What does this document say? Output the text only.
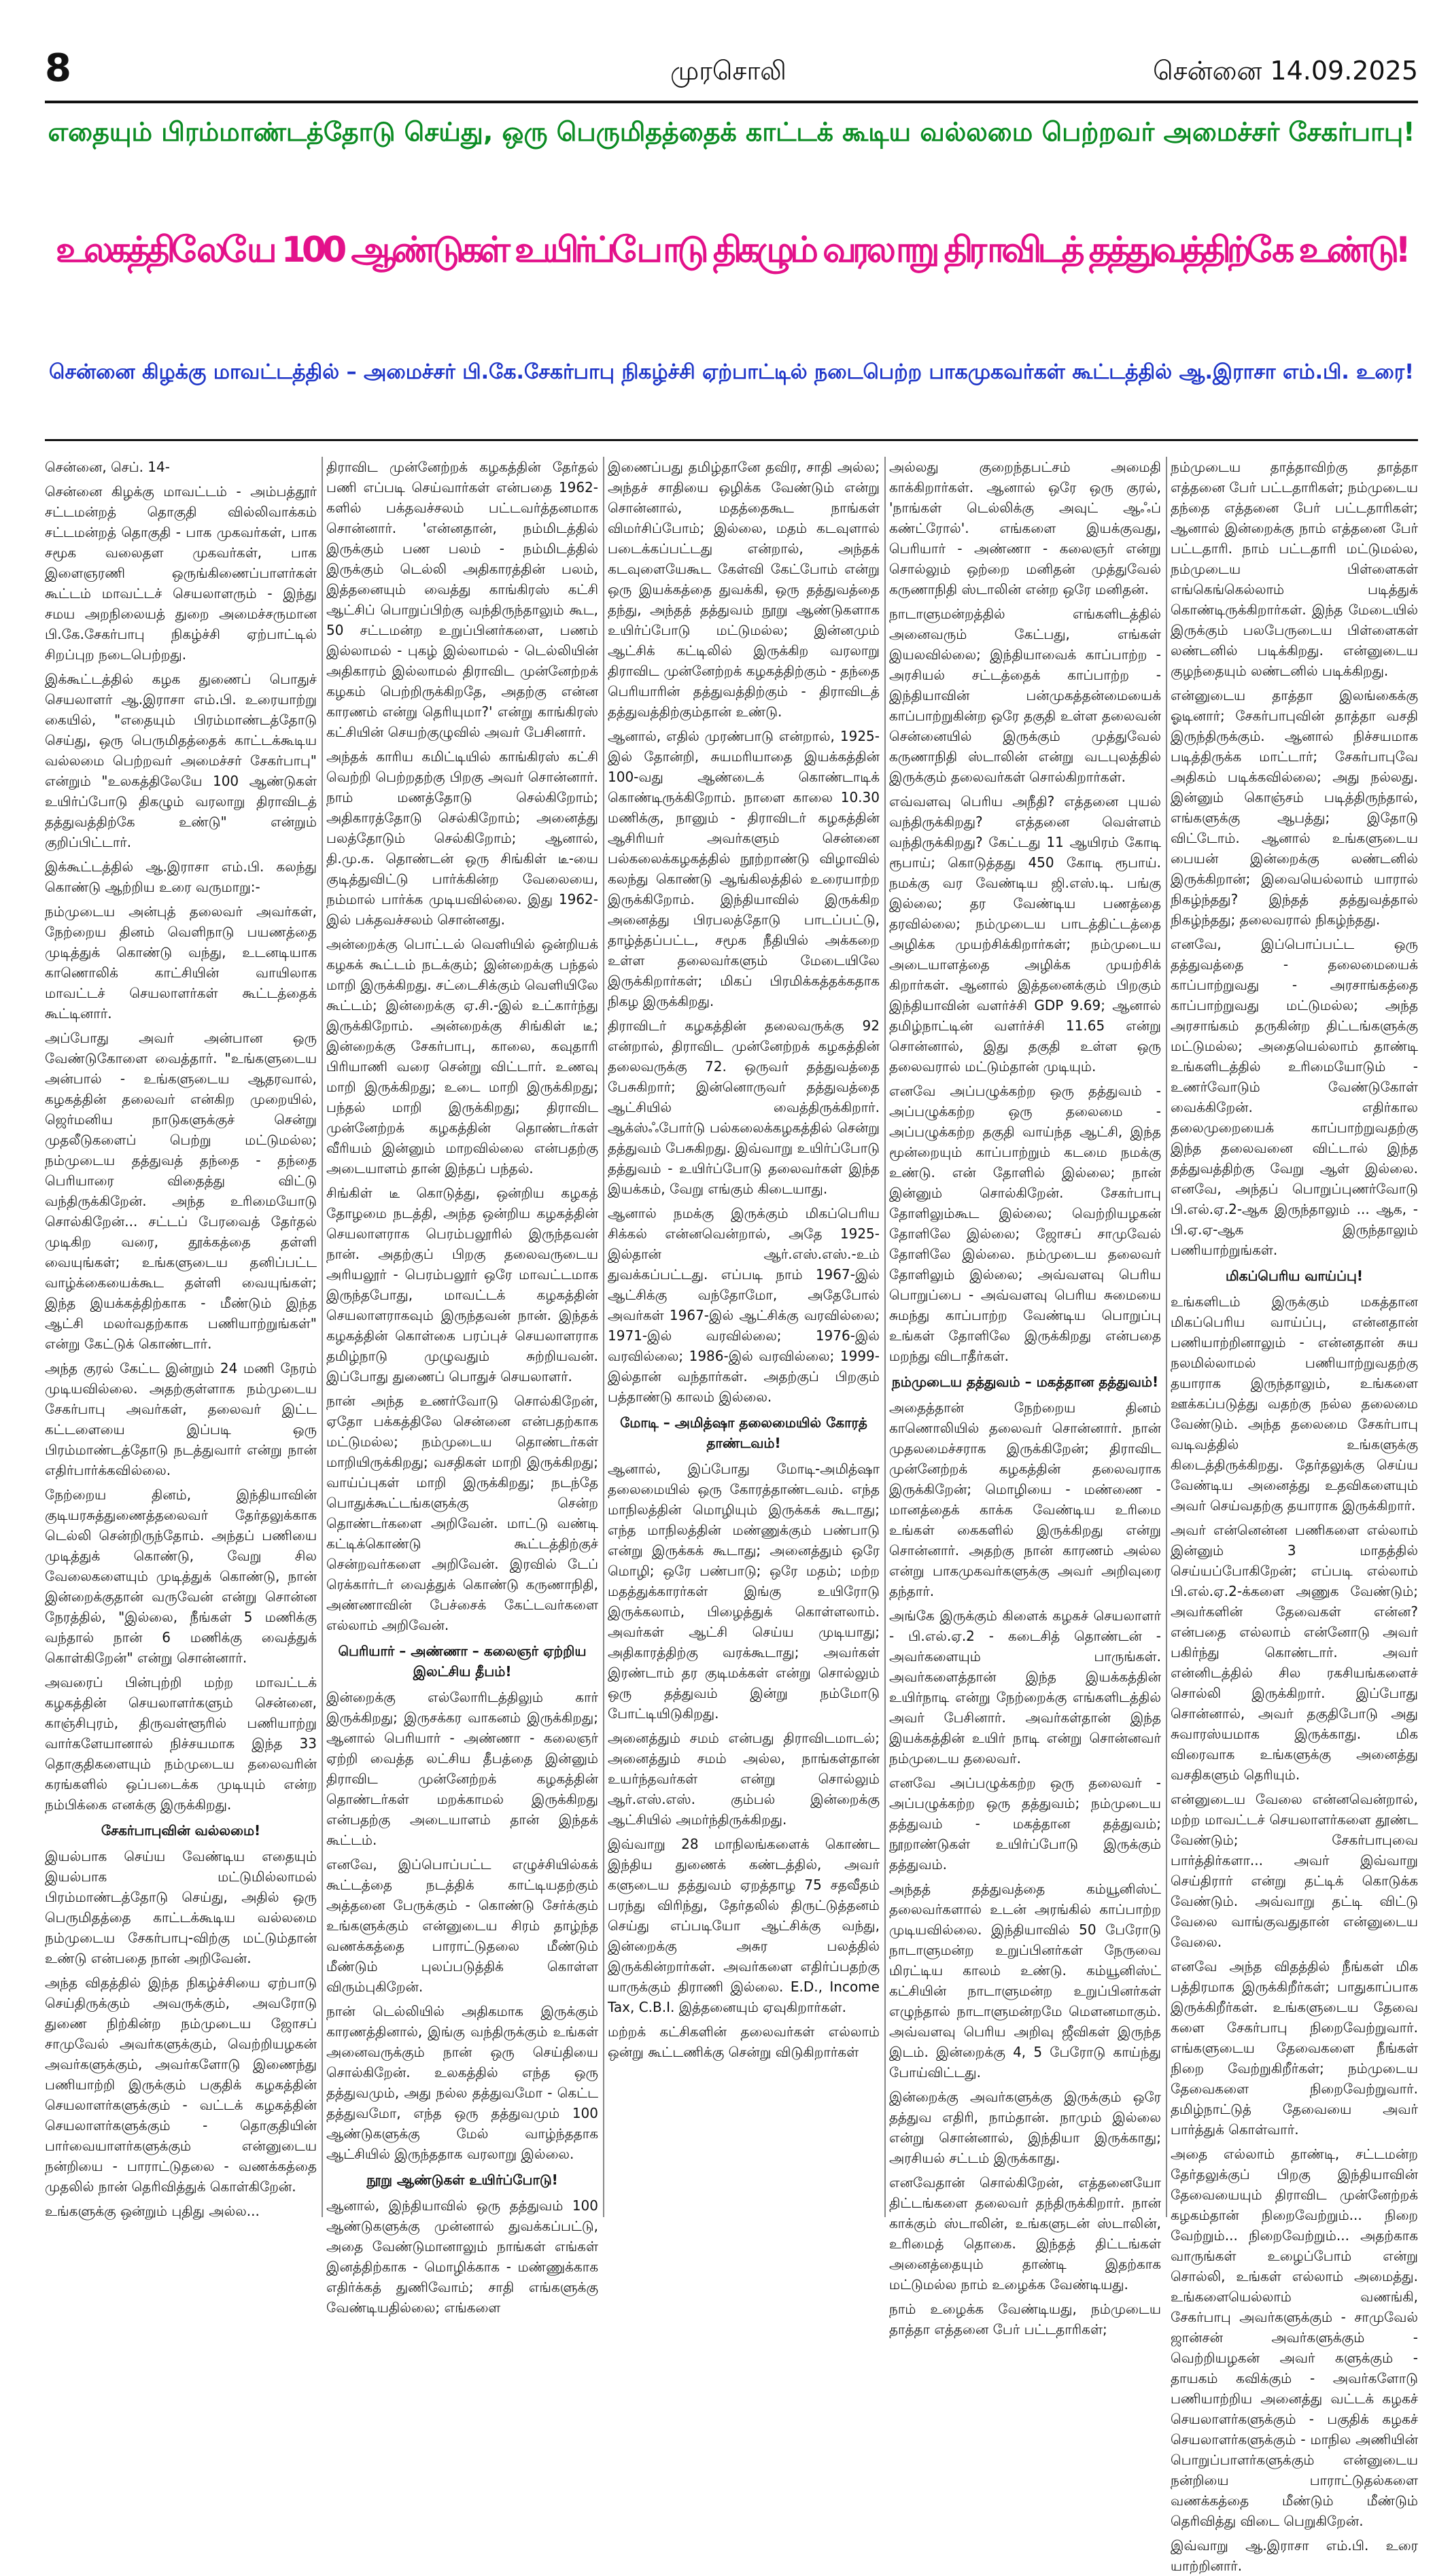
8	முரசொலி	சென்னை 14.09.2025
எதையும் பிரம்மாண்டத்தோடு செய்து, ஒரு பெருமிதத்தைக் காட்டக் கூடிய வல்லமை பெற்றவர் அமைச்சர் சேகர்பாபு!
உலகத்திலேயே 100 ஆண்டுகள் உயிர்ப்போடு திகழும் வரலாறு திராவிடத் தத்துவத்திற்கே உண்டு!
சென்னை கிழக்கு மாவட்டத்தில் – அமைச்சர் பி.கே.சேகர்பாபு நிகழ்ச்சி ஏற்பாட்டில் நடைபெற்ற பாகமுகவர்கள் கூட்டத்தில் ஆ.இராசா எம்.பி. உரை!

சென்னை, செப். 14-

சென்னை கிழக்கு மாவட்டம் - அம்பத்தூர் சட்டமன்றத் தொகுதி வில்லிவாக்கம் சட்டமன்றத் தொகுதி - பாக முகவர்கள், பாக சமூக வலைதள முகவர்கள், பாக இளைஞரணி ஒருங்கிணைப்பாளர்கள் கூட்டம் மாவட்டச் செயலாளரும் - இந்து சமய அறநிலையத் துறை அமைச்சருமான பி.கே.சேகர்பாபு நிகழ்ச்சி ஏற்பாட்டில் சிறப்புற நடைபெற்றது.

இக்கூட்டத்தில் கழக துணைப் பொதுச் செயலாளர் ஆ.இராசா எம்.பி. உரையாற்று கையில், "எதையும் பிரம்மாண்டத்தோடு செய்து, ஒரு பெருமிதத்தைக் காட்டக்கூடிய வல்லமை பெற்றவர் அமைச்சர் சேகர்பாபு" என்றும் "உலகத்திலேயே 100 ஆண்டுகள் உயிர்ப்போடு திகழும் வரலாறு திராவிடத் தத்துவத்திற்கே உண்டு" என்றும் குறிப்பிட்டார்.

இக்கூட்டத்தில் ஆ.இராசா எம்.பி. கலந்து கொண்டு ஆற்றிய உரை வருமாறு:-

நம்முடைய அன்புத் தலைவர் அவர்கள், நேற்றைய தினம் வெளிநாடு பயணத்தை முடித்துக் கொண்டு வந்து, உடனடியாக காணொலிக் காட்சியின் வாயிலாக மாவட்டச் செயலாளர்கள் கூட்டத்தைக் கூட்டினார்.

அப்போது அவர் அன்பான ஒரு வேண்டுகோளை வைத்தார். "உங்களுடைய அன்பால் - உங்களுடைய ஆதரவால், கழகத்தின் தலைவர் என்கிற முறையில், ஜெர்மனிய நாடுகளுக்குச் சென்று முதலீடுகளைப் பெற்று மட்டுமல்ல; நம்முடைய தத்துவத் தந்தை - தந்தை பெரியாரை விதைத்து விட்டு வந்திருக்கிறேன். அந்த உரிமையோடு சொல்கிறேன்... சட்டப் பேரவைத் தேர்தல் முடிகிற வரை, தூக்கத்தை தள்ளி வையுங்கள்; உங்களுடைய தனிப்பட்ட வாழ்க்கையைக்கூட தள்ளி வையுங்கள்; இந்த இயக்கத்திற்காக - மீண்டும் இந்த ஆட்சி மலர்வதற்காக பணியாற்றுங்கள்" என்று கேட்டுக் கொண்டார்.

அந்த குரல் கேட்ட இன்றும் 24 மணி நேரம் முடியவில்லை. அதற்குள்ளாக நம்முடைய சேகர்பாபு அவர்கள், தலைவர் இட்ட கட்டளையை இப்படி ஒரு பிரம்மாண்டத்தோடு நடத்துவார் என்று நான் எதிர்பார்க்கவில்லை.

நேற்றைய தினம், இந்தியாவின் குடியரசுத்துணைத்தலைவர் தேர்தலுக்காக டெல்லி சென்றிருந்தோம். அந்தப் பணியை முடித்துக் கொண்டு, வேறு சில வேலைகளையும் முடித்துக் கொண்டு, நான் இன்றைக்குதான் வருவேன் என்று சொன்ன நேரத்தில், "இல்லை, நீங்கள் 5 மணிக்கு வந்தால் நான் 6 மணிக்கு வைத்துக் கொள்கிறேன்" என்று சொன்னார்.

அவரைப் பின்புற்றி மற்ற மாவட்டக் கழகத்தின் செயலாளர்களும் சென்னை, காஞ்சிபுரம், திருவள்ளூரில் பணியாற்று வார்களேயானால் நிச்சயமாக இந்த 33 தொகுதிகளையும் நம்முடைய தலைவரின் கரங்களில் ஒப்படைக்க முடியும் என்ற நம்பிக்கை எனக்கு இருக்கிறது.

சேகர்பாபுவின் வல்லமை!

இயல்பாக செய்ய வேண்டிய எதையும் இயல்பாக மட்டுமில்லாமல் பிரம்மாண்டத்தோடு செய்து, அதில் ஒரு பெருமிதத்தை காட்டக்கூடிய வல்லமை நம்முடைய சேகர்பாபு-விற்கு மட்டும்தான் உண்டு என்பதை நான் அறிவேன்.

அந்த விதத்தில் இந்த நிகழ்ச்சியை ஏற்பாடு செய்திருக்கும் அவருக்கும், அவரோடு துணை நிற்கின்ற நம்முடைய ஜோசப் சாமுவேல் அவர்களுக்கும், வெற்றியழகன் அவர்களுக்கும், அவர்களோடு இணைந்து பணியாற்றி இருக்கும் பகுதிக் கழகத்தின் செயலாளர்களுக்கும் - வட்டக் கழகத்தின் செயலாளர்களுக்கும் - தொகுதியின் பார்வையாளர்களுக்கும் என்னுடைய நன்றியை - பாராட்டுதலை - வணக்கத்தை முதலில் நான் தெரிவித்துக் கொள்கிறேன்.

உங்களுக்கு ஒன்றும் புதிது அல்ல...

திராவிட முன்னேற்றக் கழகத்தின் தேர்தல் பணி எப்படி செய்வார்கள் என்பதை 1962-களில் பக்தவச்சலம் பட்டவர்த்தனமாக சொன்னார். 'என்னதான், நம்மிடத்தில் இருக்கும் பண பலம் - நம்மிடத்தில் இருக்கும் டெல்லி அதிகாரத்தின் பலம், இத்தனையும் வைத்து காங்கிரஸ் கட்சி ஆட்சிப் பொறுப்பிற்கு வந்திருந்தாலும் கூட, 50 சட்டமன்ற உறுப்பினர்களை, பணம் இல்லாமல் - புகழ் இல்லாமல் - டெல்லியின் அதிகாரம் இல்லாமல் திராவிட முன்னேற்றக் கழகம் பெற்றிருக்கிறதே, அதற்கு என்ன காரணம் என்று தெரியுமா?' என்று காங்கிரஸ் கட்சியின் செயற்குழுவில் அவர் பேசினார்.

அந்தக் காரிய கமிட்டியில் காங்கிரஸ் கட்சி வெற்றி பெற்றதற்கு பிறகு அவர் சொன்னார். நாம் மணத்தோடு செல்கிறோம்; அதிகாரத்தோடு செல்கிறோம்; அனைத்து பலத்தோடும் செல்கிறோம்; ஆனால், தி.மு.க. தொண்டன் ஒரு சிங்கிள் டீ-யை குடித்துவிட்டு பார்க்கின்ற வேலையை, நம்மால் பார்க்க முடியவில்லை. இது 1962-இல் பக்தவச்சலம் சொன்னது.

அன்றைக்கு பொட்டல் வெளியில் ஒன்றியக் கழகக் கூட்டம் நடக்கும்; இன்றைக்கு பந்தல் மாறி இருக்கிறது. சட்டைசிக்கும் வெளியிலே கூட்டம்; இன்றைக்கு ஏ.சி.-இல் உட்கார்ந்து இருக்கிறோம். அன்றைக்கு சிங்கிள் டீ; இன்றைக்கு சேகர்பாபு, காலை, கவுதாரி பிரியாணி வரை சென்று விட்டார். உணவு மாறி இருக்கிறது; உடை மாறி இருக்கிறது; பந்தல் மாறி இருக்கிறது; திராவிட முன்னேற்றக் கழகத்தின் தொண்டர்கள் வீரியம் இன்னும் மாறவில்லை என்பதற்கு அடையாளம் தான் இந்தப் பந்தல்.

சிங்கிள் டீ கொடுத்து, ஒன்றிய கழகத் தோழமை நடத்தி, அந்த ஒன்றிய கழகத்தின் செயலாளராக பெரம்பலூரில் இருந்தவன் நான். அதற்குப் பிறகு தலைவருடைய அரியலூர் - பெரம்பலூர் ஒரே மாவட்டமாக இருந்தபோது, மாவட்டக் கழகத்தின் செயலாளராகவும் இருந்தவன் நான். இந்தக் கழகத்தின் கொள்கை பரப்புச் செயலாளராக தமிழ்நாடு முழுவதும் சுற்றியவன். இப்போது துணைப் பொதுச் செயலாளர்.

நான் அந்த உணர்வோடு சொல்கிறேன், ஏதோ பக்கத்திலே சென்னை என்பதற்காக மட்டுமல்ல; நம்முடைய தொண்டர்கள் மாறியிருக்கிறது; வசதிகள் மாறி இருக்கிறது; வாய்ப்புகள் மாறி இருக்கிறது; நடந்தே பொதுக்கூட்டங்களுக்கு சென்ற தொண்டர்களை அறிவேன். மாட்டு வண்டி கட்டிக்கொண்டு கூட்டத்திற்குச் சென்றவர்களை அறிவேன். இரவில் டேப் ரெக்கார்டர் வைத்துக் கொண்டு கருணாநிதி, அண்ணாவின் பேச்சைக் கேட்டவர்களை எல்லாம் அறிவேன்.

பெரியார் – அண்ணா – கலைஞர் ஏற்றிய இலட்சிய தீபம்!

இன்றைக்கு எல்லோரிடத்திலும் கார் இருக்கிறது; இருசக்கர வாகனம் இருக்கிறது; ஆனால் பெரியார் - அண்ணா - கலைஞர் ஏற்றி வைத்த லட்சிய தீபத்தை இன்னும் திராவிட முன்னேற்றக் கழகத்தின் தொண்டர்கள் மறக்காமல் இருக்கிறது என்பதற்கு அடையாளம் தான் இந்தக் கூட்டம்.

எனவே, இப்பொப்பட்ட எழுச்சியில்கக் கூட்டத்தை நடத்திக் காட்டியதற்கும் அத்தனை பேருக்கும் - கொண்டு சேர்க்கும் உங்களுக்கும் என்னுடைய சிரம் தாழ்ந்த வணக்கத்தை பாராட்டுதலை மீண்டும் மீண்டும் புலப்படுத்திக் கொள்ள விரும்புகிறேன்.

நான் டெல்லியில் அதிகமாக இருக்கும் காரணத்தினால், இங்கு வந்திருக்கும் உங்கள் அனைவருக்கும் நான் ஒரு செய்தியை சொல்கிறேன். உலகத்தில் எந்த ஒரு தத்துவமும், அது நல்ல தத்துவமோ - கெட்ட தத்துவமோ, எந்த ஒரு தத்துவமும் 100 ஆண்டுகளுக்கு மேல் வாழ்ந்ததாக ஆட்சியில் இருந்ததாக வரலாறு இல்லை.

நூறு ஆண்டுகள் உயிர்ப்போடு!

ஆனால், இந்தியாவில் ஒரு தத்துவம் 100 ஆண்டுகளுக்கு முன்னால் துவக்கப்பட்டு, அதை வேண்டுமானாலும் நாங்கள் எங்கள் இனத்திற்காக - மொழிக்காக - மண்ணுக்காக எதிர்க்கத் துணிவோம்; சாதி எங்களுக்கு வேண்டியதில்லை; எங்களை

இணைப்பது தமிழ்தானே தவிர, சாதி அல்ல; அந்தச் சாதியை ஒழிக்க வேண்டும் என்று சொன்னால், மதத்தைகூட நாங்கள் விமர்சிப்போம்; இல்லை, மதம் கடவுளால் படைக்கப்பட்டது என்றால், அந்தக் கடவுளையேகூட கேள்வி கேட்போம் என்று ஒரு இயக்கத்தை துவக்கி, ஒரு தத்துவத்தை தந்து, அந்தத் தத்துவம் நூறு ஆண்டுகளாக உயிர்ப்போடு மட்டுமல்ல; இன்னமும் ஆட்சிக் கட்டிலில் இருக்கிற வரலாறு திராவிட முன்னேற்றக் கழகத்திற்கும் - தந்தை பெரியாரின் தத்துவத்திற்கும் - திராவிடத் தத்துவத்திற்கும்தான் உண்டு.

ஆனால், எதில் முரண்பாடு என்றால், 1925-இல் தோன்றி, சுயமரியாதை இயக்கத்தின் 100-வது ஆண்டைக் கொண்டாடிக் கொண்டிருக்கிறோம். நாளை காலை 10.30 மணிக்கு, நானும் - திராவிடர் கழகத்தின் ஆசிரியர் அவர்களும் சென்னை பல்கலைக்கழகத்தில் நூற்றாண்டு விழாவில் கலந்து கொண்டு ஆங்கிலத்தில் உரையாற்ற இருக்கிறோம். இந்தியாவில் இருக்கிற அனைத்து பிரபலத்தோடு பாடப்பட்டு, தாழ்த்தப்பட்ட, சமூக நீதியில் அக்கறை உள்ள தலைவர்களும் மேடையிலே இருக்கிறார்கள்; மிகப் பிரமிக்கத்தக்கதாக நிகழ இருக்கிறது.

திராவிடர் கழகத்தின் தலைவருக்கு 92 என்றால், திராவிட முன்னேற்றக் கழகத்தின் தலைவருக்கு 72. ஒருவர் தத்துவத்தை பேசுகிறார்; இன்னொருவர் தத்துவத்தை ஆட்சியில் வைத்திருக்கிறார். ஆக்ஸ்ஃபோர்டு பல்கலைக்கழகத்தில் சென்று தத்துவம் பேசுகிறது. இவ்வாறு உயிர்ப்போடு தத்துவம் - உயிர்ப்போடு தலைவர்கள் இந்த இயக்கம், வேறு எங்கும் கிடையாது.

ஆனால் நமக்கு இருக்கும் மிகப்பெரிய சிக்கல் என்னவென்றால், அதே 1925-இல்தான் ஆர்.எஸ்.எஸ்.-உம் துவக்கப்பட்டது. எப்படி நாம் 1967-இல் ஆட்சிக்கு வந்தோமோ, அதேபோல் அவர்கள் 1967-இல் ஆட்சிக்கு வரவில்லை; 1971-இல் வரவில்லை; 1976-இல் வரவில்லை; 1986-இல் வரவில்லை; 1999-இல்தான் வந்தார்கள். அதற்குப் பிறகும் பத்தாண்டு காலம் இல்லை.

மோடி – அமித்ஷா தலைமையில் கோரத் தாண்டவம்!

ஆனால், இப்போது மோடி-அமித்ஷா தலைமையில் ஒரு கோரத்தாண்டவம். எந்த மாநிலத்தின் மொழியும் இருக்கக் கூடாது; எந்த மாநிலத்தின் மண்ணுக்கும் பண்பாடு என்று இருக்கக் கூடாது; அனைத்தும் ஒரே மொழி; ஒரே பண்பாடு; ஒரே மதம்; மற்ற மதத்துக்காரர்கள் இங்கு உயிரோடு இருக்கலாம், பிழைத்துக் கொள்ளலாம். அவர்கள் ஆட்சி செய்ய முடியாது; அதிகாரத்திற்கு வரக்கூடாது; அவர்கள் இரண்டாம் தர குடிமக்கள் என்று சொல்லும் ஒரு தத்துவம் இன்று நம்மோடு போட்டியிடுகிறது.

அனைத்தும் சமம் என்பது திராவிடமாடல்; அனைத்தும் சமம் அல்ல, நாங்கள்தான் உயர்ந்தவர்கள் என்று சொல்லும் ஆர்.எஸ்.எஸ். கும்பல் இன்றைக்கு ஆட்சியில் அமர்ந்திருக்கிறது.

இவ்வாறு 28 மாநிலங்களைக் கொண்ட இந்திய துணைக் கண்டத்தில், அவர் களுடைய தத்துவம் ஏறத்தாழ 75 சதவீதம் பரந்து விரிந்து, தேர்தலில் திருட்டுத்தனம் செய்து எப்படியோ ஆட்சிக்கு வந்து, இன்றைக்கு அசுர பலத்தில் இருக்கின்றார்கள். அவர்களை எதிர்ப்பதற்கு யாருக்கும் திராணி இல்லை. E.D., Income Tax, C.B.I. இத்தனையும் ஏவுகிறார்கள்.

மற்றக் கட்சிகளின் தலைவர்கள் எல்லாம் ஒன்று கூட்டணிக்கு சென்று விடுகிறார்கள்

அல்லது குறைந்தபட்சம் அமைதி காக்கிறார்கள். ஆனால் ஒரே ஒரு குரல், 'நாங்கள் டெல்லிக்கு அவுட் ஆஃப் கண்ட்ரோல்'. எங்களை இயக்குவது, பெரியார் - அண்ணா - கலைஞர் என்று சொல்லும் ஒற்றை மனிதன் முத்துவேல் கருணாநிதி ஸ்டாலின் என்ற ஒரே மனிதன்.

நாடாளுமன்றத்தில் எங்களிடத்தில் அனைவரும் கேட்பது, எங்கள் இயலவில்லை; இந்தியாவைக் காப்பாற்ற - அரசியல் சட்டத்தைக் காப்பாற்ற - இந்தியாவின் பன்முகத்தன்மையைக் காப்பாற்றுகின்ற ஒரே தகுதி உள்ள தலைவன் சென்னையில் இருக்கும் முத்துவேல் கருணாநிதி ஸ்டாலின் என்று வடபுலத்தில் இருக்கும் தலைவர்கள் சொல்கிறார்கள்.

எவ்வளவு பெரிய அநீதி? எத்தனை புயல் வந்திருக்கிறது? எத்தனை வெள்ளம் வந்திருக்கிறது? கேட்டது 11 ஆயிரம் கோடி ரூபாய்; கொடுத்தது 450 கோடி ரூபாய். நமக்கு வர வேண்டிய ஜி.எஸ்.டி. பங்கு இல்லை; தர வேண்டிய பணத்தை தரவில்லை; நம்முடைய பாடத்திட்டத்தை அழிக்க முயற்சிக்கிறார்கள்; நம்முடைய அடையாளத்தை அழிக்க முயற்சிக் கிறார்கள். ஆனால் இத்தனைக்கும் பிறகும் இந்தியாவின் வளர்ச்சி GDP 9.69; ஆனால் தமிழ்நாட்டின் வளர்ச்சி 11.65 என்று சொன்னால், இது தகுதி உள்ள ஒரு தலைவரால் மட்டும்தான் முடியும்.

எனவே அப்பழுக்கற்ற ஒரு தத்துவம் - அப்பழுக்கற்ற ஒரு தலைமை - அப்பழுக்கற்ற தகுதி வாய்ந்த ஆட்சி, இந்த மூன்றையும் காப்பாற்றும் கடமை நமக்கு உண்டு. என் தோளில் இல்லை; நான் இன்னும் சொல்கிறேன். சேகர்பாபு தோளிலும்கூட இல்லை; வெற்றியழகன் தோளிலே இல்லை; ஜோசப் சாமுவேல் தோளிலே இல்லை. நம்முடைய தலைவர் தோளிலும் இல்லை; அவ்வளவு பெரிய பொறுப்பை - அவ்வளவு பெரிய சுமையை சுமந்து காப்பாற்ற வேண்டிய பொறுப்பு உங்கள் தோளிலே இருக்கிறது என்பதை மறந்து விடாதீர்கள்.

நம்முடைய தத்துவம் – மகத்தான தத்துவம்!

அதைத்தான் நேற்றைய தினம் காணொலியில் தலைவர் சொன்னார். நான் முதலமைச்சராக இருக்கிறேன்; திராவிட முன்னேற்றக் கழகத்தின் தலைவராக இருக்கிறேன்; மொழியை - மண்ணை - மானத்தைக் காக்க வேண்டிய உரிமை உங்கள் கைகளில் இருக்கிறது என்று சொன்னார். அதற்கு நான் காரணம் அல்ல என்று பாகமுகவர்களுக்கு அவர் அறிவுரை தந்தார்.

அங்கே இருக்கும் கிளைக் கழகச் செயலாளர் - பி.எல்.ஏ.2 - கடைசித் தொண்டன் - அவர்களையும் பாருங்கள். அவர்களைத்தான் இந்த இயக்கத்தின் உயிர்நாடி என்று நேற்றைக்கு எங்களிடத்தில் அவர் பேசினார். அவர்கள்தான் இந்த இயக்கத்தின் உயிர் நாடி என்று சொன்னவர் நம்முடைய தலைவர்.

எனவே அப்பழுக்கற்ற ஒரு தலைவர் - அப்பழுக்கற்ற ஒரு தத்துவம்; நம்முடைய தத்துவம் - மகத்தான தத்துவம்; நூறாண்டுகள் உயிர்ப்போடு இருக்கும் தத்துவம்.

அந்தத் தத்துவத்தை கம்யூனிஸ்ட் தலைவர்களால் உடன் அரங்கில் காப்பாற்ற முடியவில்லை. இந்தியாவில் 50 பேரோடு நாடாளுமன்ற உறுப்பினர்கள் நேருவை மிரட்டிய காலம் உண்டு. கம்யூனிஸ்ட் கட்சியின் நாடாளுமன்ற உறுப்பினர்கள் எழுந்தால் நாடாளுமன்றமே மௌனமாகும். அவ்வளவு பெரிய அறிவு ஜீவிகள் இருந்த இடம். இன்றைக்கு 4, 5 பேரோடு காய்ந்து போய்விட்டது.

இன்றைக்கு அவர்களுக்கு இருக்கும் ஒரே தத்துவ எதிரி, நாம்தான். நாமும் இல்லை என்று சொன்னால், இந்தியா இருக்காது; அரசியல் சட்டம் இருக்காது.

எனவேதான் சொல்கிறேன், எத்தனையோ திட்டங்களை தலைவர் தந்திருக்கிறார். நான் காக்கும் ஸ்டாலின், உங்களுடன் ஸ்டாலின், உரிமைத் தொகை. இந்தத் திட்டங்கள் அனைத்தையும் தாண்டி இதற்காக மட்டுமல்ல நாம் உழைக்க வேண்டியது.

நாம் உழைக்க வேண்டியது, நம்முடைய தாத்தா எத்தனை பேர் பட்டதாரிகள்;

நம்முடைய தாத்தாவிற்கு தாத்தா எத்தனை பேர் பட்டதாரிகள்; நம்முடைய தந்தை எத்தனை பேர் பட்டதாரிகள்; ஆனால் இன்றைக்கு நாம் எத்தனை பேர் பட்டதாரி. நாம் பட்டதாரி மட்டுமல்ல, நம்முடைய பிள்ளைகள் எங்கெங்கெல்லாம் படித்துக் கொண்டிருக்கிறார்கள். இந்த மேடையில் இருக்கும் பலபேருடைய பிள்ளைகள் லண்டனில் படிக்கிறது. என்னுடைய குழந்தையும் லண்டனில் படிக்கிறது.

என்னுடைய தாத்தா இலங்கைக்கு ஓடினார்; சேகர்பாபுவின் தாத்தா வசதி இருந்திருக்கும். ஆனால் நிச்சயமாக படித்திருக்க மாட்டார்; சேகர்பாபுவே அதிகம் படிக்கவில்லை; அது நல்லது. இன்னும் கொஞ்சம் படித்திருந்தால், எங்களுக்கு ஆபத்து; இதோடு விட்டோம். ஆனால் உங்களுடைய பையன் இன்றைக்கு லண்டனில் இருக்கிறான்; இவையெல்லாம் யாரால் நிகழ்ந்தது? இந்தத் தத்துவத்தால் நிகழ்ந்தது; தலைவரால் நிகழ்ந்தது.

எனவே, இப்பொப்பட்ட ஒரு தத்துவத்தை - தலைமையைக் காப்பாற்றுவது - அரசாங்கத்தை காப்பாற்றுவது மட்டுமல்ல; அந்த அரசாங்கம் தருகின்ற திட்டங்களுக்கு மட்டுமல்ல; அதையெல்லாம் தாண்டி உங்களிடத்தில் உரிமையோடும் - உணர்வோடும் வேண்டுகோள் வைக்கிறேன். எதிர்கால தலைமுறையைக் காப்பாற்றுவதற்கு இந்த தலைவனை விட்டால் இந்த தத்துவத்திற்கு வேறு ஆள் இல்லை. எனவே, அந்தப் பொறுப்புணர்வோடு பி.எல்.ஏ.2-ஆக இருந்தாலும் ... ஆக, - பி.ஏ.ஏ-ஆக இருந்தாலும் பணியாற்றுங்கள்.

மிகப்பெரிய வாய்ப்பு!

உங்களிடம் இருக்கும் மகத்தான மிகப்பெரிய வாய்ப்பு, என்னதான் பணியாற்றினாலும் - என்னதான் சுய நலமில்லாமல் பணியாற்றுவதற்கு தயாராக இருந்தாலும், உங்களை ஊக்கப்படுத்து வதற்கு நல்ல தலைமை வேண்டும். அந்த தலைமை சேகர்பாபு வடிவத்தில் உங்களுக்கு கிடைத்திருக்கிறது. தேர்தலுக்கு செய்ய வேண்டிய அனைத்து உதவிகளையும் அவர் செய்வதற்கு தயாராக இருக்கிறார்.

அவர் என்னென்ன பணிகளை எல்லாம் இன்னும் 3 மாதத்தில் செய்யப்போகிறேன்; எப்படி எல்லாம் பி.எல்.ஏ.2-க்களை அணுக வேண்டும்; அவர்களின் தேவைகள் என்ன? என்பதை எல்லாம் என்னோடு அவர் பகிர்ந்து கொண்டார். அவர் என்னிடத்தில் சில ரகசியங்களைச் சொல்லி இருக்கிறார். இப்போது சொன்னால், அவர் தகுதிபோடு அது சுவாரஸ்யமாக இருக்காது. மிக விரைவாக உங்களுக்கு அனைத்து வசதிகளும் தெரியும்.

என்னுடைய வேலை என்னவென்றால், மற்ற மாவட்டச் செயலாளர்களை தூண்ட வேண்டும்; சேகர்பாபுவை பார்த்திர்களா... அவர் இவ்வாறு செய்திரார் என்று தட்டிக் கொடுக்க வேண்டும். அவ்வாறு தட்டி விட்டு வேலை வாங்குவதுதான் என்னுடைய வேலை.

எனவே அந்த விதத்தில் நீங்கள் மிக பத்திரமாக இருக்கிறீர்கள்; பாதுகாப்பாக இருக்கிறீர்கள். உங்களுடைய தேவை களை சேகர்பாபு நிறைவேற்றுவார். எங்களுடைய தேவைகளை நீங்கள் நிறை வேற்றுகிறீர்கள்; நம்முடைய தேவைகளை நிறைவேற்றுவார். தமிழ்நாட்டுத் தேவையை அவர் பார்த்துக் கொள்வார்.

அதை எல்லாம் தாண்டி, சட்டமன்ற தேர்தலுக்குப் பிறகு இந்தியாவின் தேவையையும் திராவிட முன்னேற்றக் கழகம்தான் நிறைவேற்றும்... நிறை வேற்றும்... நிறைவேற்றும்... அதற்காக வாருங்கள் உழைப்போம் என்று சொல்லி, உங்கள் எல்லாம் அமைத்து. உங்களையெல்லாம் வணங்கி, சேகர்பாபு அவர்களுக்கும் - சாமுவேல் ஜான்சன் அவர்களுக்கும் - வெற்றியழகன் அவர் களுக்கும் - தாயகம் கவிக்கும் - அவர்களோடு பணியாற்றிய அனைத்து வட்டக் கழகச் செயலாளர்களுக்கும் - பகுதிக் கழகச் செயலாளர்களுக்கும் - மாநில அணியின் பொறுப்பாளர்களுக்கும் என்னுடைய நன்றியை பாராட்டுதல்களை வணக்கத்தை மீண்டும் மீண்டும் தெரிவித்து விடை பெறுகிறேன்.

இவ்வாறு ஆ.இராசா எம்.பி. உரை யாற்றினார்.
